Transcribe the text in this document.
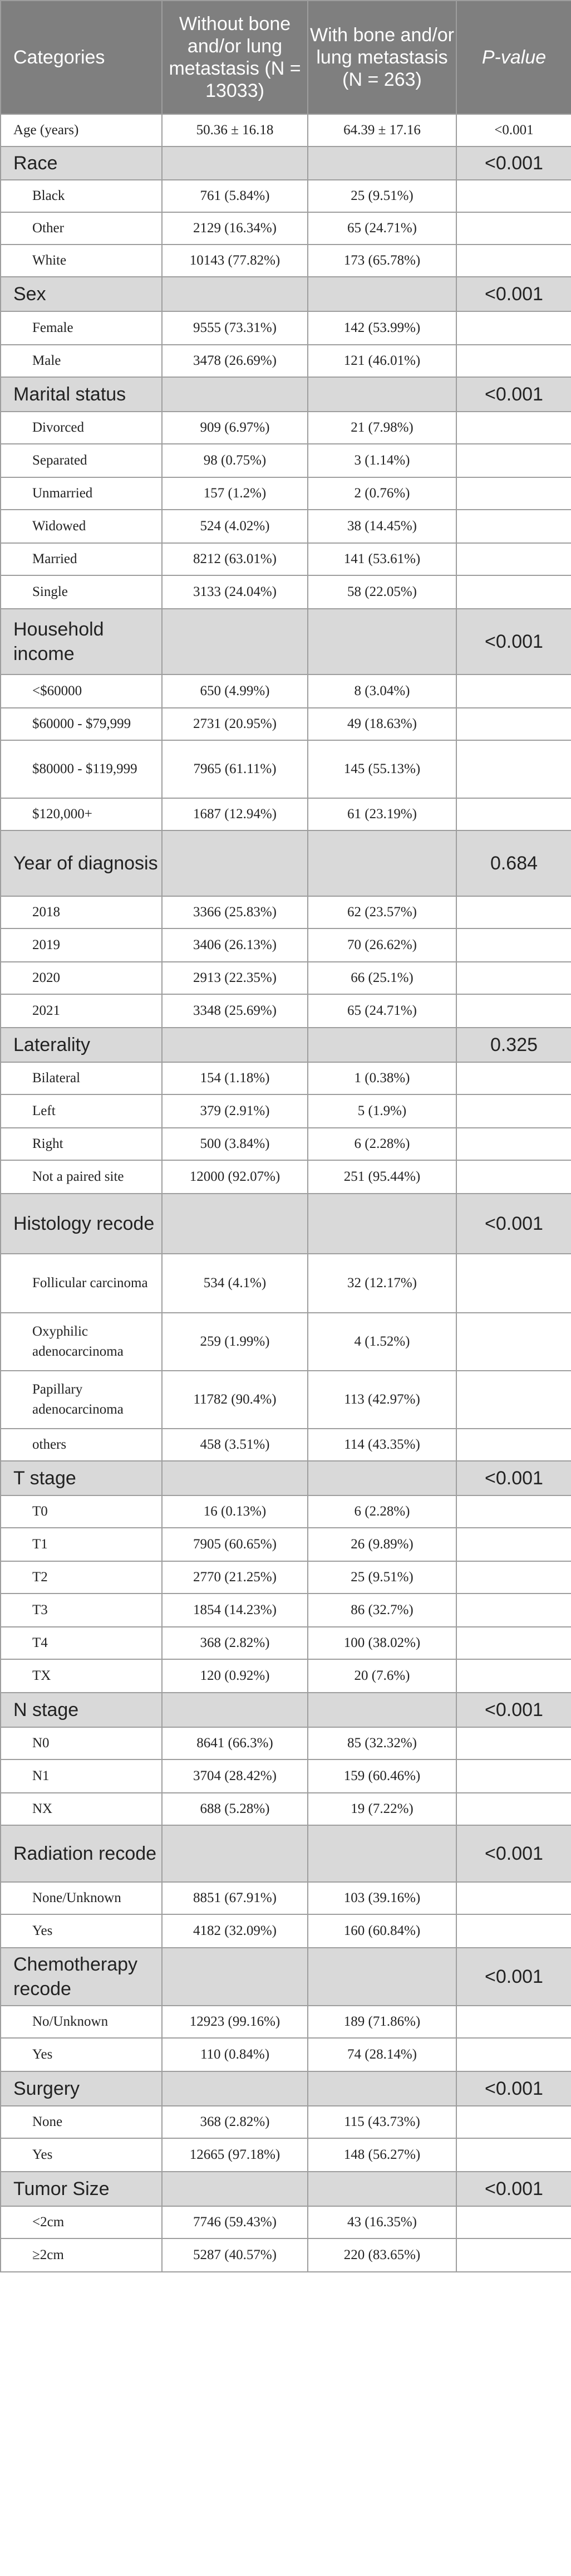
Categories	Without bone and/or lung metastasis (N = 13033)	With bone and/or lung metastasis (N = 263)	P-value
Age (years)	50.36 ± 16.18	64.39 ± 17.16	<0.001
Race			<0.001
Black	761 (5.84%)	25 (9.51%)	
Other	2129 (16.34%)	65 (24.71%)	
White	10143 (77.82%)	173 (65.78%)	
Sex			<0.001
Female	9555 (73.31%)	142 (53.99%)	
Male	3478 (26.69%)	121 (46.01%)	
Marital status			<0.001
Divorced	909 (6.97%)	21 (7.98%)	
Separated	98 (0.75%)	3 (1.14%)	
Unmarried	157 (1.2%)	2 (0.76%)	
Widowed	524 (4.02%)	38 (14.45%)	
Married	8212 (63.01%)	141 (53.61%)	
Single	3133 (24.04%)	58 (22.05%)	
Household income			<0.001
<$60000	650 (4.99%)	8 (3.04%)	
$60000 - $79,999	2731 (20.95%)	49 (18.63%)	
$80000 - $119,999	7965 (61.11%)	145 (55.13%)	
$120,000+	1687 (12.94%)	61 (23.19%)	
Year of diagnosis			0.684
2018	3366 (25.83%)	62 (23.57%)	
2019	3406 (26.13%)	70 (26.62%)	
2020	2913 (22.35%)	66 (25.1%)	
2021	3348 (25.69%)	65 (24.71%)	
Laterality			0.325
Bilateral	154 (1.18%)	1 (0.38%)	
Left	379 (2.91%)	5 (1.9%)	
Right	500 (3.84%)	6 (2.28%)	
Not a paired site	12000 (92.07%)	251 (95.44%)	
Histology recode			<0.001
Follicular carcinoma	534 (4.1%)	32 (12.17%)	
Oxyphilic adenocarcinoma	259 (1.99%)	4 (1.52%)	
Papillary adenocarcinoma	11782 (90.4%)	113 (42.97%)	
others	458 (3.51%)	114 (43.35%)	
T stage			<0.001
T0	16 (0.13%)	6 (2.28%)	
T1	7905 (60.65%)	26 (9.89%)	
T2	2770 (21.25%)	25 (9.51%)	
T3	1854 (14.23%)	86 (32.7%)	
T4	368 (2.82%)	100 (38.02%)	
TX	120 (0.92%)	20 (7.6%)	
N stage			<0.001
N0	8641 (66.3%)	85 (32.32%)	
N1	3704 (28.42%)	159 (60.46%)	
NX	688 (5.28%)	19 (7.22%)	
Radiation recode			<0.001
None/Unknown	8851 (67.91%)	103 (39.16%)	
Yes	4182 (32.09%)	160 (60.84%)	
Chemotherapy recode			<0.001
No/Unknown	12923 (99.16%)	189 (71.86%)	
Yes	110 (0.84%)	74 (28.14%)	
Surgery			<0.001
None	368 (2.82%)	115 (43.73%)	
Yes	12665 (97.18%)	148 (56.27%)	
Tumor Size			<0.001
<2cm	7746 (59.43%)	43 (16.35%)	
≥2cm	5287 (40.57%)	220 (83.65%)	
